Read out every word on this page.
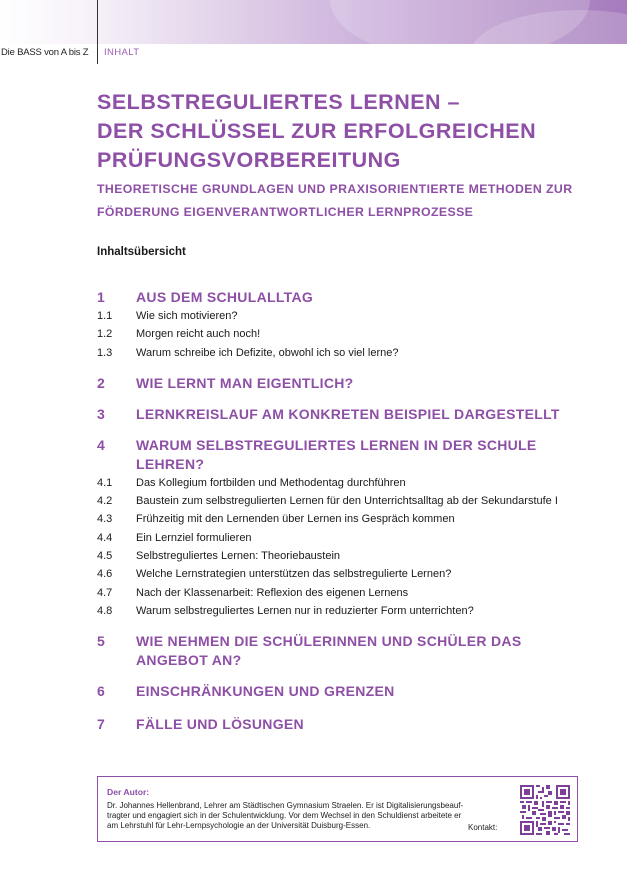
Die BASS von A bis Z INHALT
SELBSTREGULIERTES LERNEN –
DER SCHLÜSSEL ZUR ERFOLGREICHEN
PRÜFUNGSVORBEREITUNG
THEORETISCHE GRUNDLAGEN UND PRAXISORIENTIERTE METHODEN ZUR
FÖRDERUNG EIGENVERANTWORTLICHER LERNPROZESSE
Inhaltsübersicht
1	AUS DEM SCHULALLTAG
1.1	Wie sich motivieren?
1.2	Morgen reicht auch noch!
1.3	Warum schreibe ich Defizite, obwohl ich so viel lerne?
2	WIE LERNT MAN EIGENTLICH?
3	LERNKREISLAUF AM KONKRETEN BEISPIEL DARGESTELLT
4	WARUM SELBSTREGULIERTES LERNEN IN DER SCHULE LEHREN?
4.1	Das Kollegium fortbilden und Methodentag durchführen
4.2	Baustein zum selbstregulierten Lernen für den Unterrichtsalltag ab der Sekundarstufe I
4.3	Frühzeitig mit den Lernenden über Lernen ins Gespräch kommen
4.4	Ein Lernziel formulieren
4.5	Selbstreguliertes Lernen: Theoriebaustein
4.6	Welche Lernstrategien unterstützen das selbstregulierte Lernen?
4.7	Nach der Klassenarbeit: Reflexion des eigenen Lernens
4.8	Warum selbstreguliertes Lernen nur in reduzierter Form unterrichten?
5	WIE NEHMEN DIE SCHÜLERINNEN UND SCHÜLER DAS ANGEBOT AN?
6	EINSCHRÄNKUNGEN UND GRENZEN
7	FÄLLE UND LÖSUNGEN
Der Autor:
Dr. Johannes Hellenbrand, Lehrer am Städtischen Gymnasium Straelen. Er ist Digitalisierungsbeauf-
tragter und engagiert sich in der Schulentwicklung. Vor dem Wechsel in den Schuldienst arbeitete er
am Lehrstuhl für Lehr-Lernpsychologie an der Universität Duisburg-Essen.	Kontakt:
